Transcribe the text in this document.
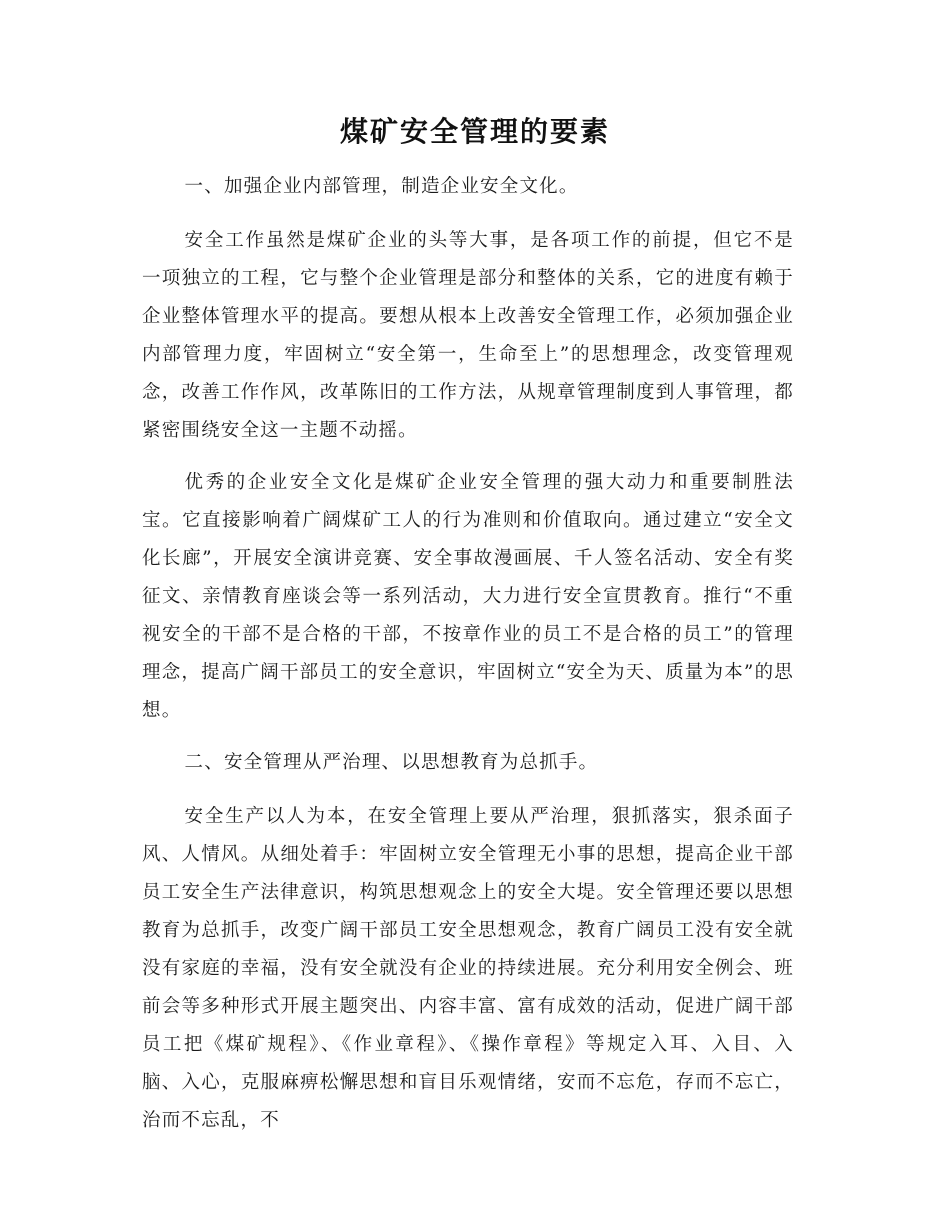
煤矿安全管理的要素

一、加强企业内部管理，制造企业安全文化。

安全工作虽然是煤矿企业的头等大事，是各项工作的前提，但它不是一项独立的工程，它与整个企业管理是部分和整体的关系，它的进度有赖于企业整体管理水平的提高。要想从根本上改善安全管理工作，必须加强企业内部管理力度，牢固树立“安全第一，生命至上”的思想理念，改变管理观念，改善工作作风，改革陈旧的工作方法，从规章管理制度到人事管理，都紧密围绕安全这一主题不动摇。

优秀的企业安全文化是煤矿企业安全管理的强大动力和重要制胜法宝。它直接影响着广阔煤矿工人的行为准则和价值取向。通过建立“安全文化长廊”，开展安全演讲竞赛、安全事故漫画展、千人签名活动、安全有奖征文、亲情教育座谈会等一系列活动，大力进行安全宣贯教育。推行“不重视安全的干部不是合格的干部，不按章作业的员工不是合格的员工”的管理理念，提高广阔干部员工的安全意识，牢固树立“安全为天、质量为本”的思想。

二、安全管理从严治理、以思想教育为总抓手。

安全生产以人为本，在安全管理上要从严治理，狠抓落实，狠杀面子风、人情风。从细处着手：牢固树立安全管理无小事的思想，提高企业干部员工安全生产法律意识，构筑思想观念上的安全大堤。安全管理还要以思想教育为总抓手，改变广阔干部员工安全思想观念，教育广阔员工没有安全就没有家庭的幸福，没有安全就没有企业的持续进展。充分利用安全例会、班前会等多种形式开展主题突出、内容丰富、富有成效的活动，促进广阔干部员工把《煤矿规程》、《作业章程》、《操作章程》等规定入耳、入目、入脑、入心，克服麻痹松懈思想和盲目乐观情绪，安而不忘危，存而不忘亡，治而不忘乱，不
